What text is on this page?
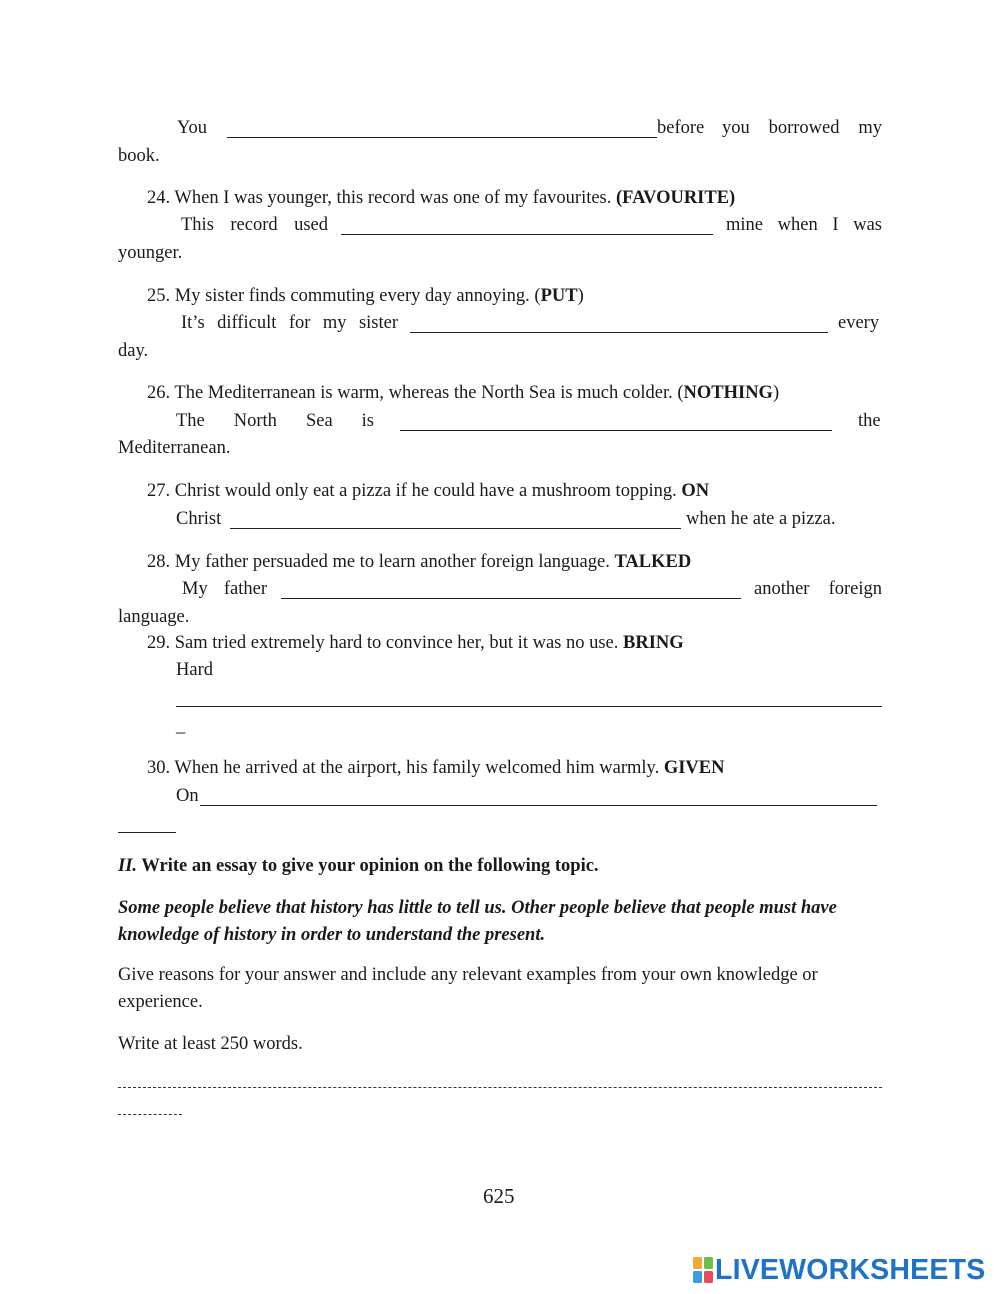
You	before you borrowed my
book.
24. When I was younger, this record was one of my favourites. (FAVOURITE)
This record used	mine when I was
younger.
25. My sister finds commuting every day annoying. (PUT)
It’s difficult for my sister	every
day.
26. The Mediterranean is warm, whereas the North Sea is much colder. (NOTHING)
The North Sea is	the
Mediterranean.
27. Christ would only eat a pizza if he could have a mushroom topping. ON
Christ	when he ate a pizza.
28. My father persuaded me to learn another foreign language. TALKED
My father	another foreign
language.
29. Sam tried extremely hard to convince her, but it was no use. BRING
Hard
_
30. When he arrived at the airport, his family welcomed him warmly. GIVEN
On
II. Write an essay to give your opinion on the following topic.
Some people believe that history has little to tell us. Other people believe that people must have
knowledge of history in order to understand the present.
Give reasons for your answer and include any relevant examples from your own knowledge or
experience.
Write at least 250 words.
625
LIVEWORKSHEETS
